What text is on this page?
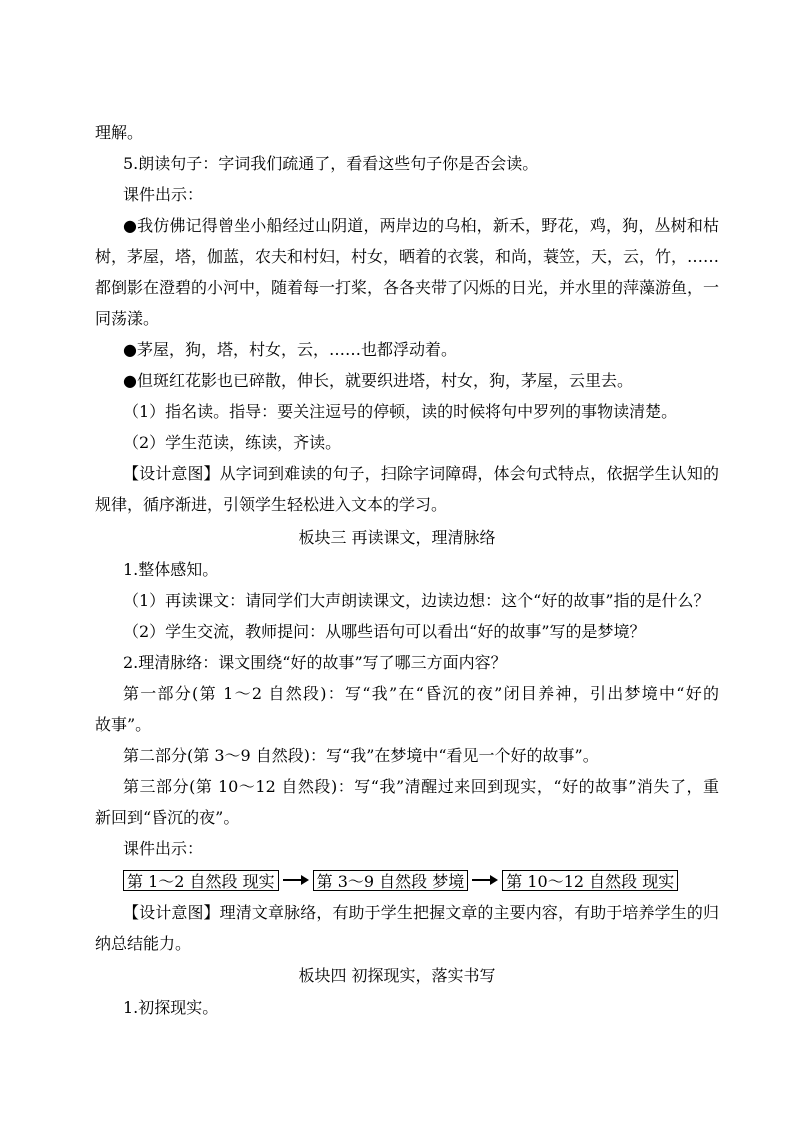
理解。
5.朗读句子：字词我们疏通了，看看这些句子你是否会读。
课件出示：
●我仿佛记得曾坐小船经过山阴道，两岸边的乌桕，新禾，野花，鸡，狗，丛树和枯
树，茅屋，塔，伽蓝，农夫和村妇，村女，晒着的衣裳，和尚，蓑笠，天，云，竹，……
都倒影在澄碧的小河中，随着每一打桨，各各夹带了闪烁的日光，并水里的萍藻游鱼，一
同荡漾。
●茅屋，狗，塔，村女，云，……也都浮动着。
●但斑红花影也已碎散，伸长，就要织进塔，村女，狗，茅屋，云里去。
（1）指名读。指导：要关注逗号的停顿，读的时候将句中罗列的事物读清楚。
（2）学生范读，练读，齐读。
【设计意图】从字词到难读的句子，扫除字词障碍，体会句式特点，依据学生认知的
规律，循序渐进，引领学生轻松进入文本的学习。
板块三 再读课文，理清脉络
1.整体感知。
（1）再读课文：请同学们大声朗读课文，边读边想：这个“好的故事”指的是什么？
（2）学生交流，教师提问：从哪些语句可以看出“好的故事”写的是梦境？
2.理清脉络：课文围绕“好的故事”写了哪三方面内容？
第一部分(第 1～2 自然段)：写“我”在“昏沉的夜”闭目养神，引出梦境中“好的
故事”。
第二部分(第 3～9 自然段)：写“我”在梦境中“看见一个好的故事”。
第三部分(第 10～12 自然段)：写“我”清醒过来回到现实，“好的故事”消失了，重
新回到“昏沉的夜”。
课件出示：
第 1～2 自然段 现实	第 3～9 自然段 梦境	第 10～12 自然段 现实
【设计意图】理清文章脉络，有助于学生把握文章的主要内容，有助于培养学生的归
纳总结能力。
板块四 初探现实，落实书写
1.初探现实。
